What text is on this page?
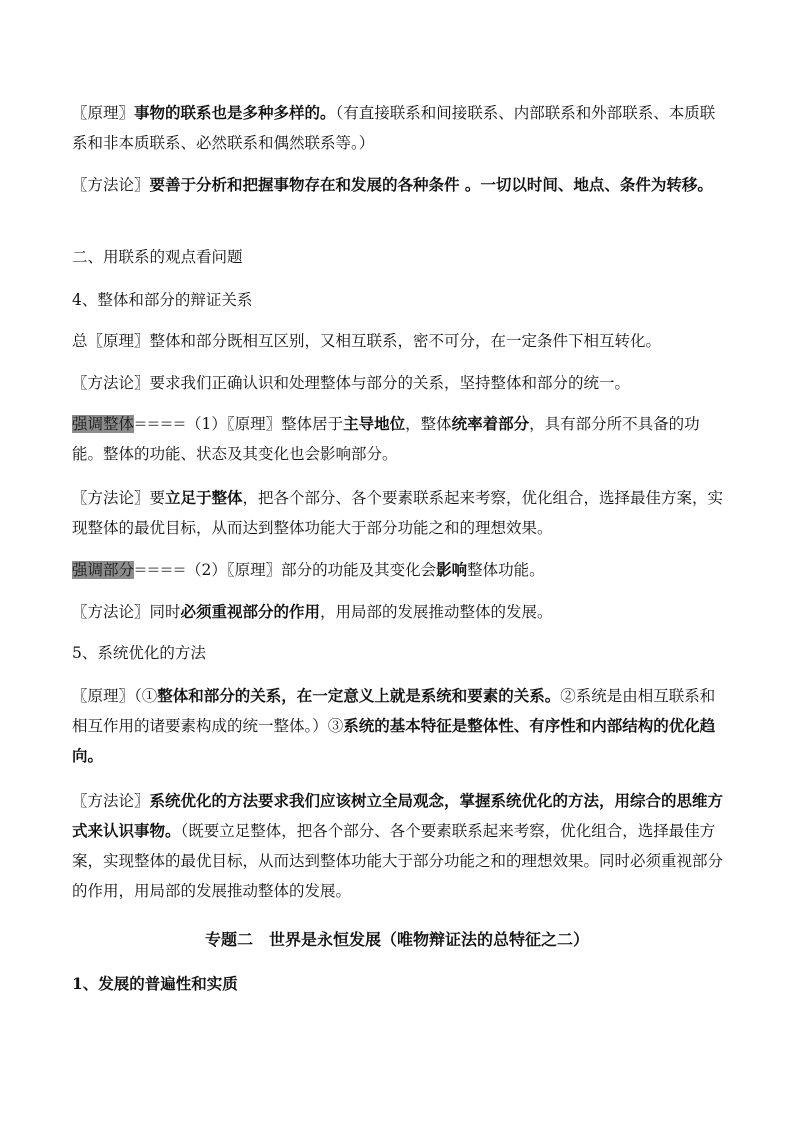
〖原理〗事物的联系也是多种多样的。（有直接联系和间接联系、内部联系和外部联系、本质联系和非本质联系、必然联系和偶然联系等。）

〖方法论〗要善于分析和把握事物存在和发展的各种条件 。一切以时间、地点、条件为转移。

二、用联系的观点看问题

4、整体和部分的辩证关系

总〖原理〗整体和部分既相互区别，又相互联系，密不可分，在一定条件下相互转化。

〖方法论〗要求我们正确认识和处理整体与部分的关系，坚持整体和部分的统一。

强调整体====（1）〖原理〗整体居于主导地位，整体统率着部分，具有部分所不具备的功能。整体的功能、状态及其变化也会影响部分。

〖方法论〗要立足于整体，把各个部分、各个要素联系起来考察，优化组合，选择最佳方案，实现整体的最优目标，从而达到整体功能大于部分功能之和的理想效果。

强调部分====（2）〖原理〗部分的功能及其变化会影响整体功能。

〖方法论〗同时必须重视部分的作用，用局部的发展推动整体的发展。

5、系统优化的方法

〖原理〗（①整体和部分的关系，在一定意义上就是系统和要素的关系。②系统是由相互联系和相互作用的诸要素构成的统一整体。）③系统的基本特征是整体性、有序性和内部结构的优化趋向。

〖方法论〗系统优化的方法要求我们应该树立全局观念，掌握系统优化的方法，用综合的思维方式来认识事物。（既要立足整体，把各个部分、各个要素联系起来考察，优化组合，选择最佳方案，实现整体的最优目标，从而达到整体功能大于部分功能之和的理想效果。同时必须重视部分的作用，用局部的发展推动整体的发展。

专题二　世界是永恒发展（唯物辩证法的总特征之二）

1、发展的普遍性和实质
